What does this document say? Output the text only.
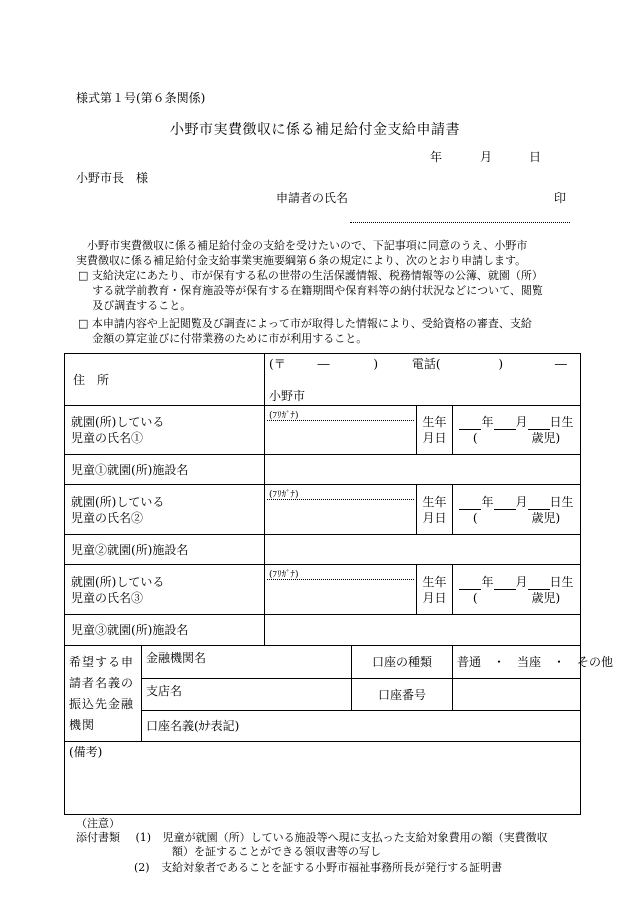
様式第１号(第６条関係)
小野市実費徴収に係る補足給付金支給申請書
年	月	日
小野市長　様
申請者の氏名	印

小野市実費徴収に係る補足給付金の支給を受けたいので、下記事項に同意のうえ、小野市

実費徴収に係る補足給付金支給事業実施要綱第６条の規定により、次のとおり申請します。
□ 支給決定にあたり、市が保有する私の世帯の生活保護情報、税務情報等の公簿、就園（所）
する就学前教育・保育施設等が保有する在籍期間や保育料等の納付状況などについて、閲覧
及び調査すること。
□ 本申請内容や上記閲覧及び調査によって市が取得した情報により、受給資格の審査、支給
金額の算定並びに付帯業務のために市が利用すること。
住　所		(〒 ― ) 電話( ) ―
小野市			

就園(所)している
児童の氏名①		(ﾌﾘｶﾞﾅ)		生年
月日	年 月 日生
( 歳児)
児童①就園(所)施設名					
就園(所)している
児童の氏名②		(ﾌﾘｶﾞﾅ)		生年
月日	年 月 日生
( 歳児)
児童②就園(所)施設名					
就園(所)している
児童の氏名③		(ﾌﾘｶﾞﾅ)		生年
月日	年 月 日生
( 歳児)
児童③就園(所)施設名					
希望する申
請者名義の
振込先金融
機関	金融機関名		口座の種類		普通　・　当座　・　その他
	支店名		口座番号		
	口座名義(ｶﾅ表記)				
(備考)					
（注意）
添付書類 (1) 児童が就園（所）している施設等へ現に支払った支給対象費用の額（実費徴収
額）を証することができる領収書等の写し
(2) 支給対象者であることを証する小野市福祉事務所長が発行する証明書
